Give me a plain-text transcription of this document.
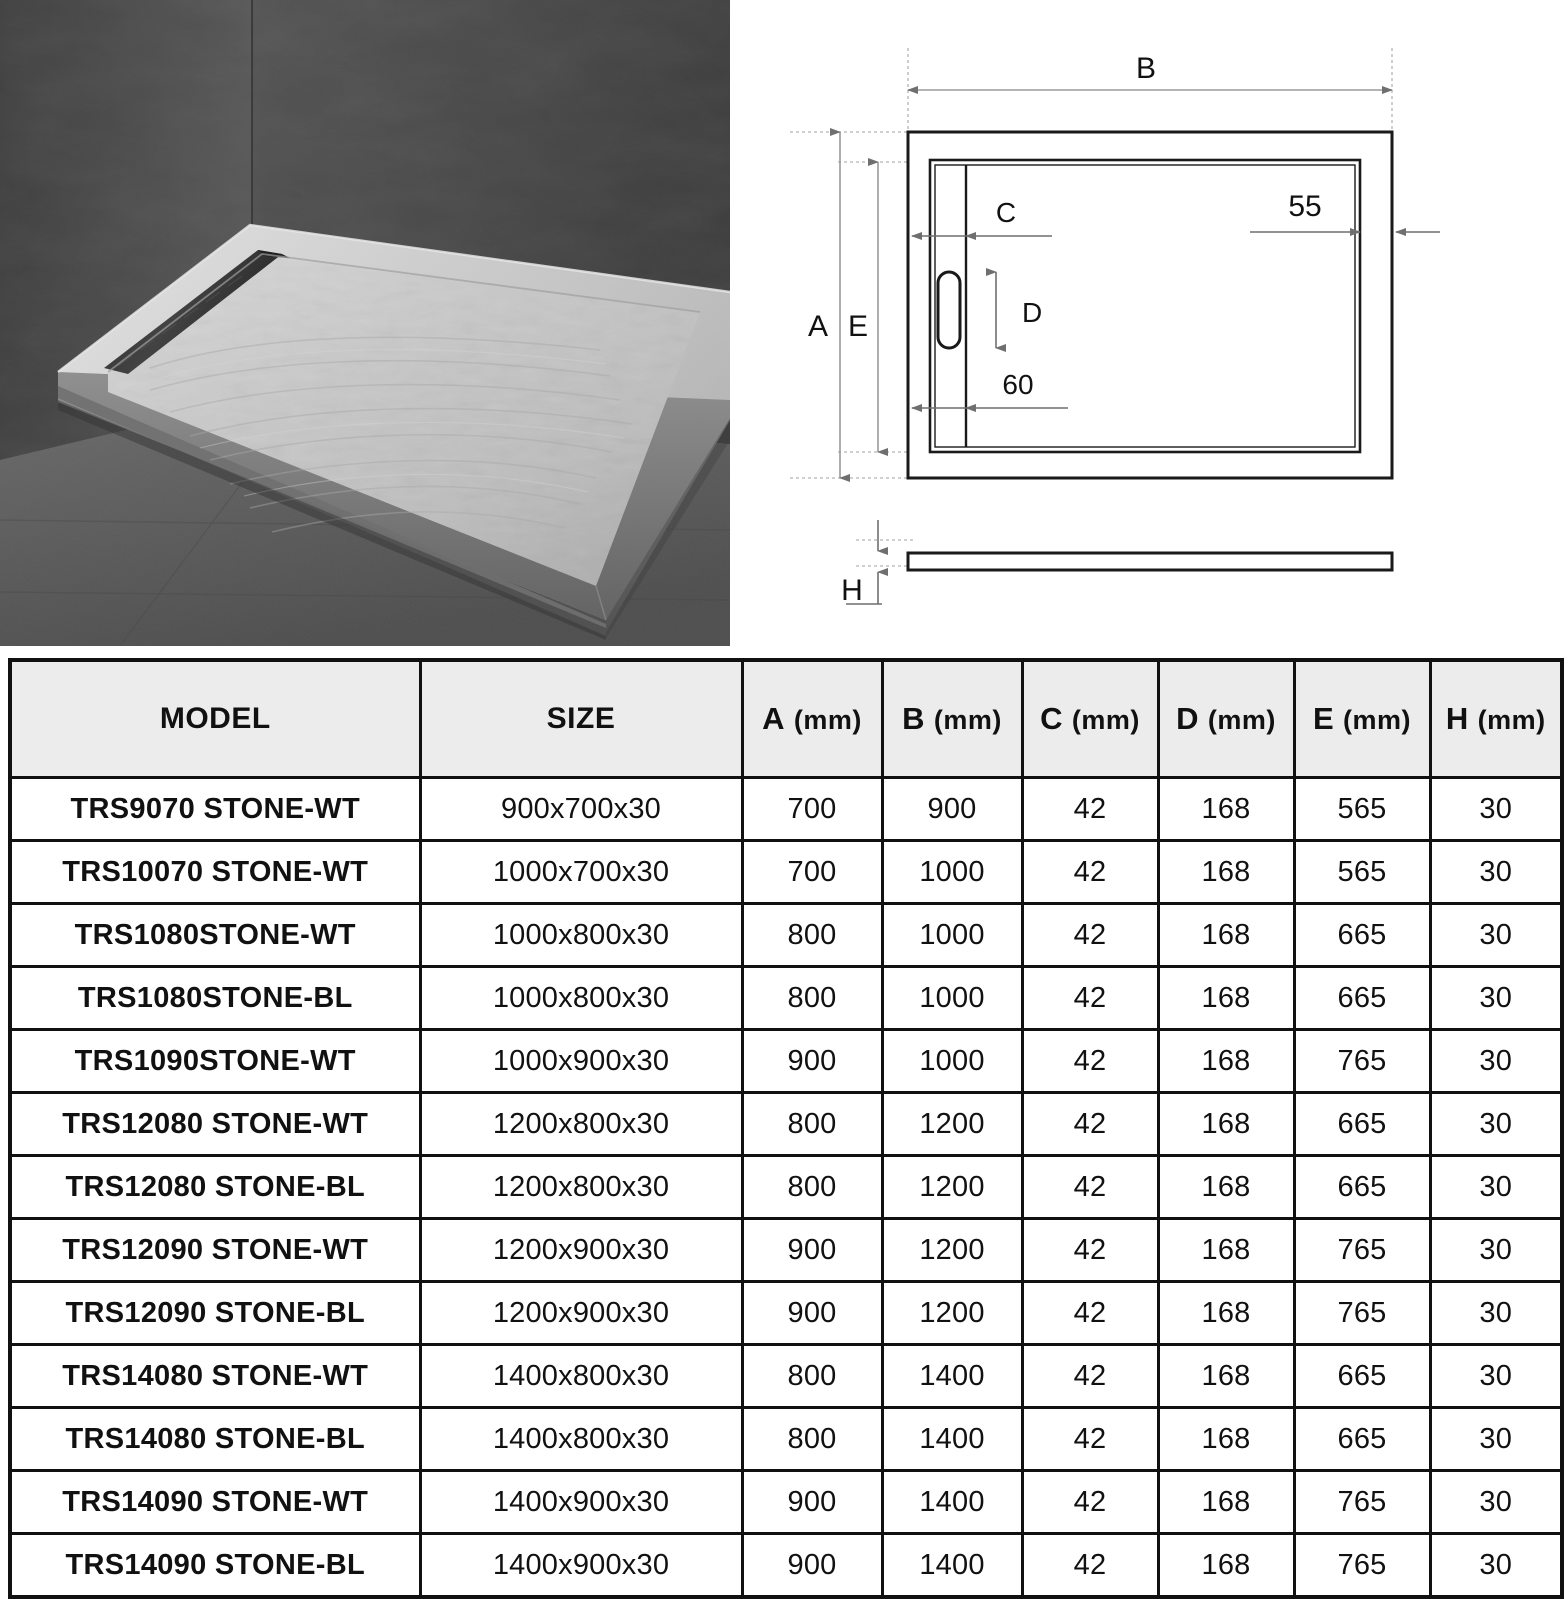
B
A E
C
D
60
55
H
MODEL	SIZE	A (mm)	B (mm)	C (mm)	D (mm)	E (mm)	H (mm)
TRS9070 STONE-WT	900x700x30	700	900	42	168	565	30
TRS10070 STONE-WT	1000x700x30	700	1000	42	168	565	30
TRS1080STONE-WT	1000x800x30	800	1000	42	168	665	30
TRS1080STONE-BL	1000x800x30	800	1000	42	168	665	30
TRS1090STONE-WT	1000x900x30	900	1000	42	168	765	30
TRS12080 STONE-WT	1200x800x30	800	1200	42	168	665	30
TRS12080 STONE-BL	1200x800x30	800	1200	42	168	665	30
TRS12090 STONE-WT	1200x900x30	900	1200	42	168	765	30
TRS12090 STONE-BL	1200x900x30	900	1200	42	168	765	30
TRS14080 STONE-WT	1400x800x30	800	1400	42	168	665	30
TRS14080 STONE-BL	1400x800x30	800	1400	42	168	665	30
TRS14090 STONE-WT	1400x900x30	900	1400	42	168	765	30
TRS14090 STONE-BL	1400x900x30	900	1400	42	168	765	30
